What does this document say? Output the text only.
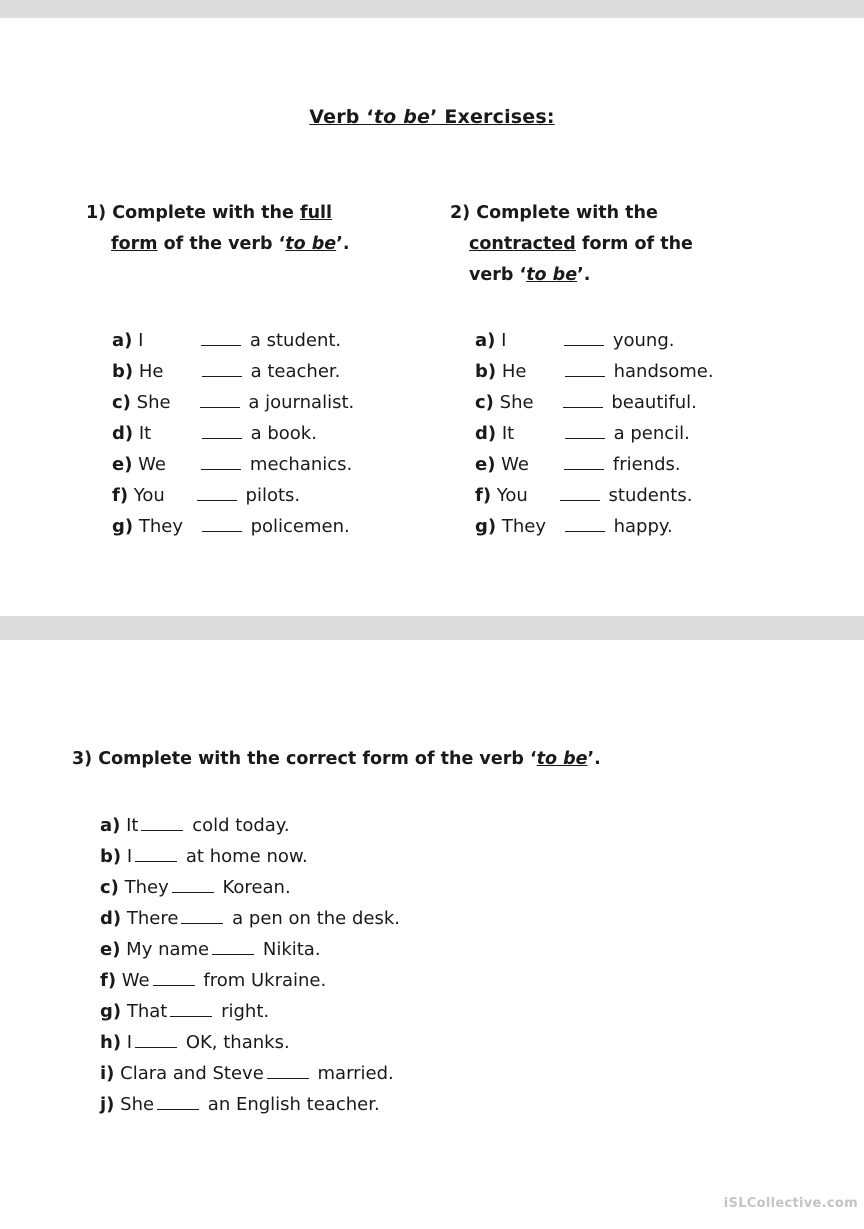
Verb ‘to be’ Exercises:
1) Complete with the full
form of the verb ‘to be’.
2) Complete with the
contracted form of the
verb ‘to be’.
a) I	a student.
b) He	a teacher.
c) She	a journalist.
d) It	a book.
e) We	mechanics.
f) You	pilots.
g) They	policemen.
a) I	young.
b) He	handsome.
c) She	beautiful.
d) It	a pencil.
e) We	friends.
f) You	students.
g) They	happy.
3) Complete with the correct form of the verb ‘to be’.
a) It	cold today.
b) I	at home now.
c) They	Korean.
d) There	a pen on the desk.
e) My name	Nikita.
f) We	from Ukraine.
g) That	right.
h) I	OK, thanks.
i) Clara and Steve	married.
j) She	an English teacher.
iSLCollective.com
